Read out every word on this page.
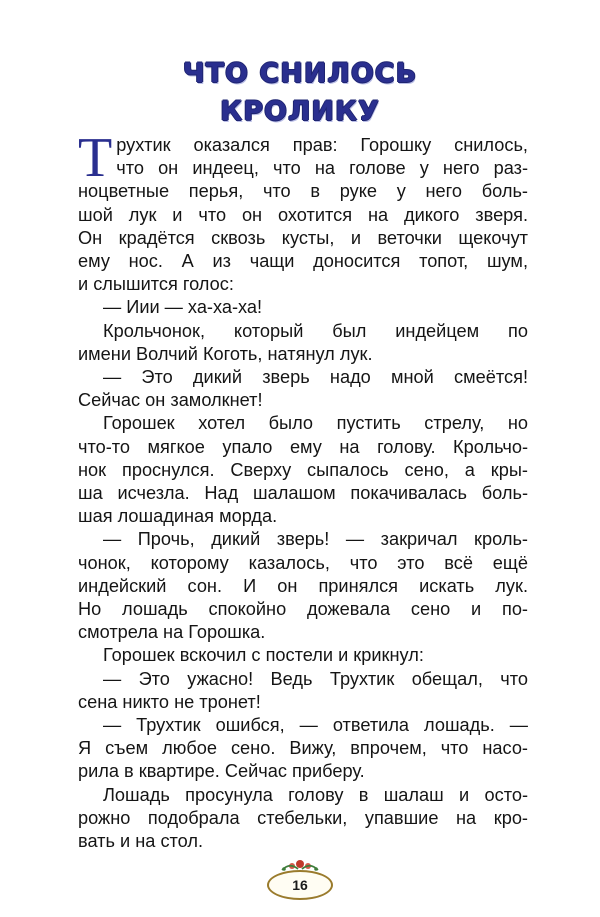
ЧТО СНИЛОСЬ
КРОЛИКУ

Трухтик оказался прав: Горошку снилось,

что он индеец, что на голове у него раз-

ноцветные перья, что в руке у него боль-

шой лук и что он охотится на дикого зверя.

Он крадётся сквозь кусты, и веточки щекочут

ему нос. А из чащи доносится топот, шум,

и слышится голос:

— Иии — ха-ха-ха!

Крольчонок, который был индейцем по

имени Волчий Коготь, натянул лук.

— Это дикий зверь надо мной смеётся!

Сейчас он замолкнет!

Горошек хотел было пустить стрелу, но

что-то мягкое упало ему на голову. Крольчо-

нок проснулся. Сверху сыпалось сено, а кры-

ша исчезла. Над шалашом покачивалась боль-

шая лошадиная морда.

— Прочь, дикий зверь! — закричал кроль-

чонок, которому казалось, что это всё ещё

индейский сон. И он принялся искать лук.

Но лошадь спокойно дожевала сено и по-

смотрела на Горошка.

Горошек вскочил с постели и крикнул:

— Это ужасно! Ведь Трухтик обещал, что

сена никто не тронет!

— Трухтик ошибся, — ответила лошадь. —

Я съем любое сено. Вижу, впрочем, что насо-

рила в квартире. Сейчас приберу.

Лошадь просунула голову в шалаш и осто-

рожно подобрала стебельки, упавшие на кро-

вать и на стол.

16
